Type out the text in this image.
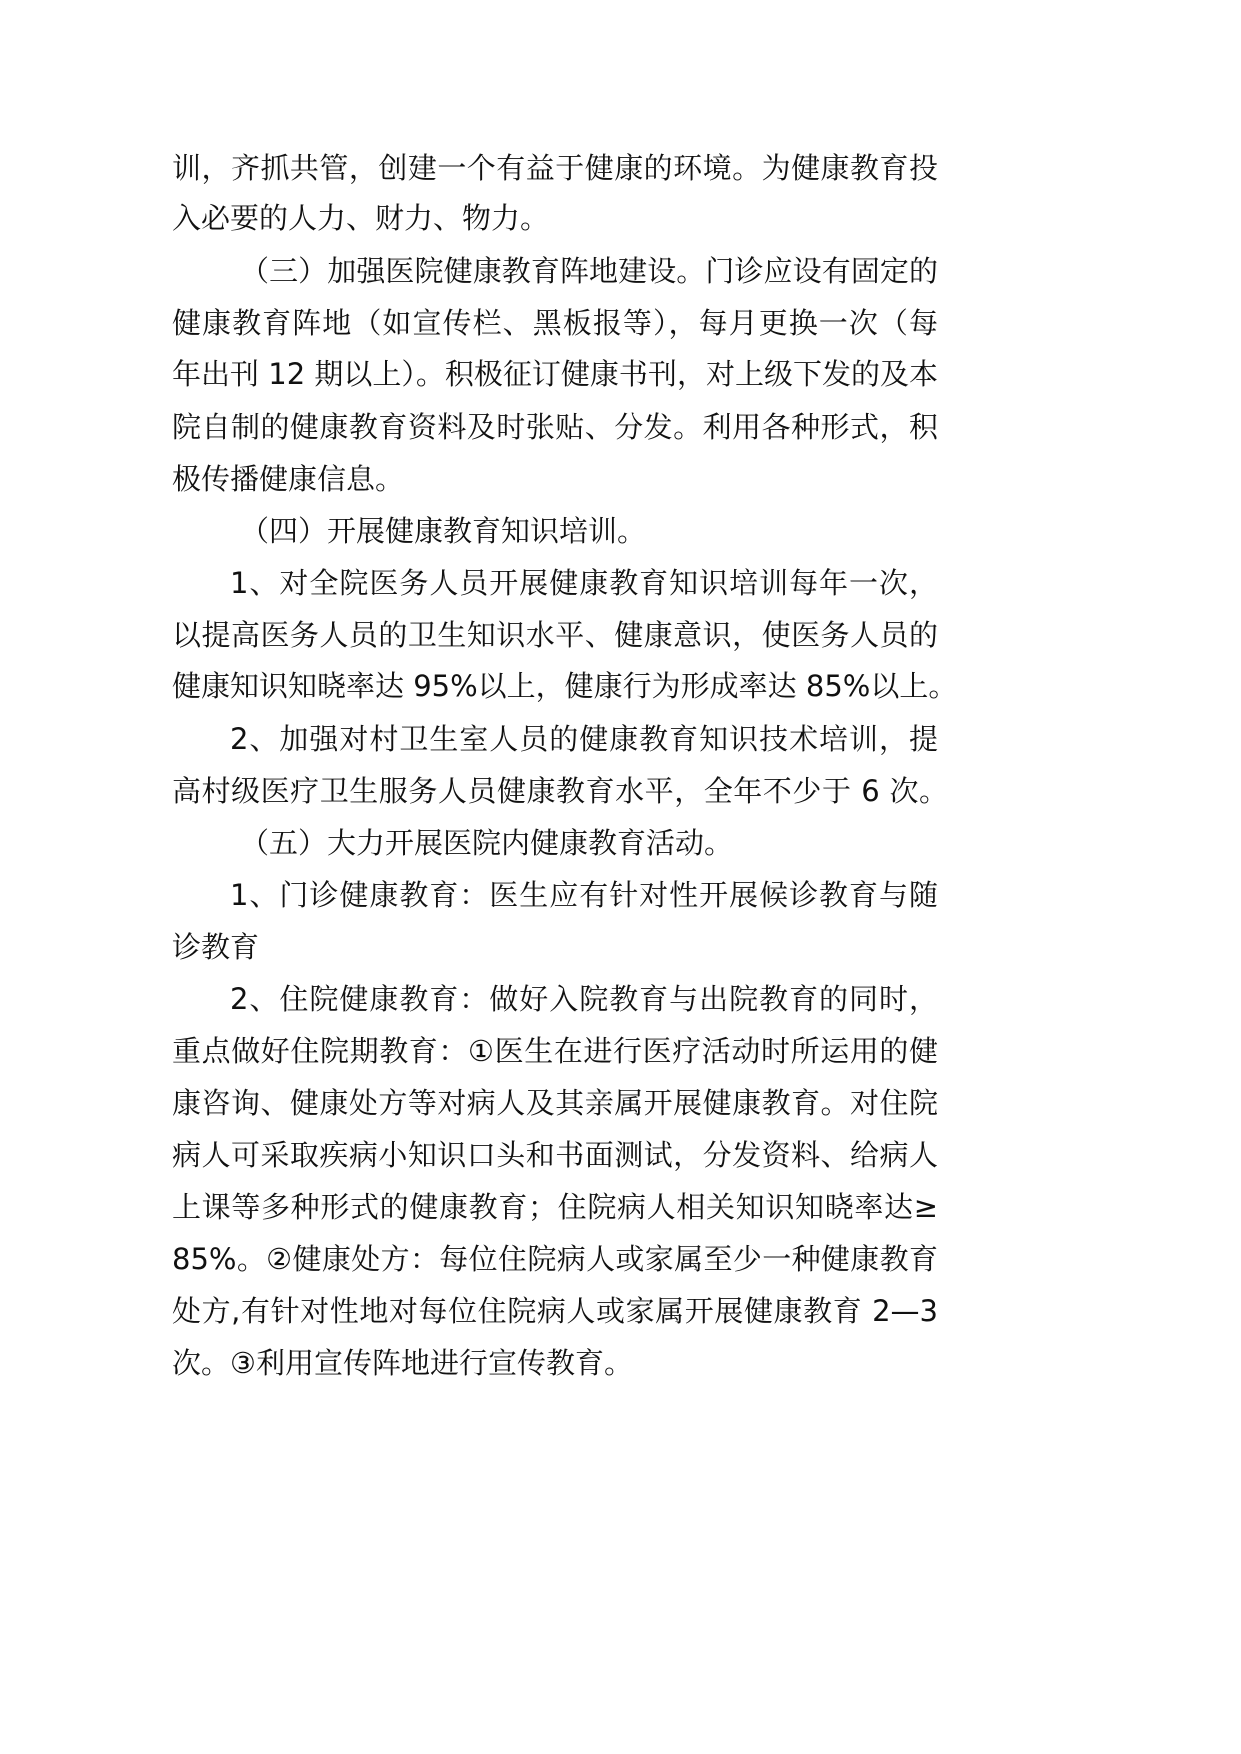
训，齐抓共管，创建一个有益于健康的环境。为健康教育投
入必要的人力、财力、物力。
（三）加强医院健康教育阵地建设。门诊应设有固定的
健康教育阵地（如宣传栏、黑板报等），每月更换一次（每
年出刊 12 期以上）。积极征订健康书刊，对上级下发的及本
院自制的健康教育资料及时张贴、分发。利用各种形式，积
极传播健康信息。
（四）开展健康教育知识培训。
1、对全院医务人员开展健康教育知识培训每年一次，
以提高医务人员的卫生知识水平、健康意识，使医务人员的
健康知识知晓率达 95%以上，健康行为形成率达 85%以上。
2、加强对村卫生室人员的健康教育知识技术培训，提
高村级医疗卫生服务人员健康教育水平，全年不少于 6 次。
（五）大力开展医院内健康教育活动。
1、门诊健康教育：医生应有针对性开展候诊教育与随
诊教育
2、住院健康教育：做好入院教育与出院教育的同时，
重点做好住院期教育：①医生在进行医疗活动时所运用的健
康咨询、健康处方等对病人及其亲属开展健康教育。对住院
病人可采取疾病小知识口头和书面测试，分发资料、给病人
上课等多种形式的健康教育；住院病人相关知识知晓率达≥
85%。②健康处方：每位住院病人或家属至少一种健康教育
处方,有针对性地对每位住院病人或家属开展健康教育 2—3
次。③利用宣传阵地进行宣传教育。
